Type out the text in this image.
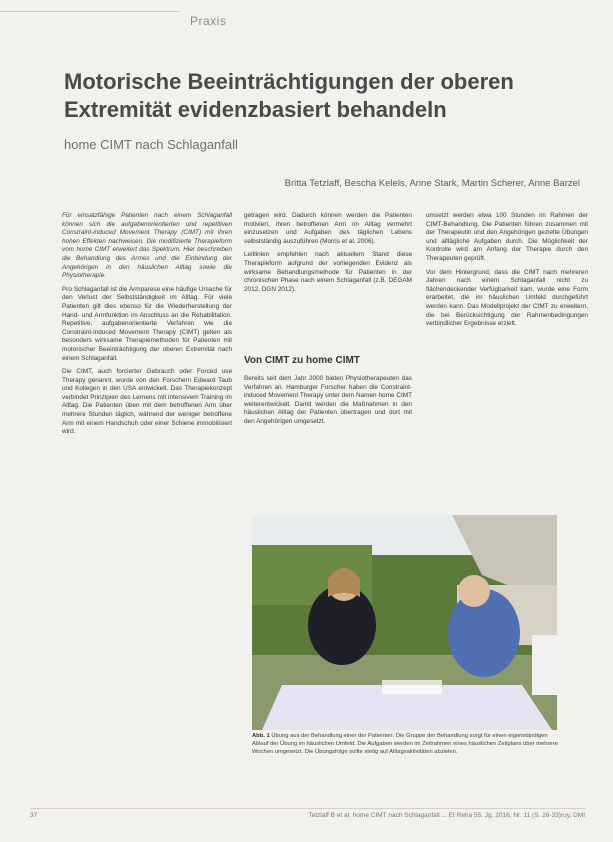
Praxis
Motorische Beeinträchtigungen der oberen
Extremität evidenzbasiert behandeln
home CIMT nach Schlaganfall
Britta Tetzlaff, Bescha Kelels, Anne Stark, Martin Scherer, Anne Barzel

Für einsatzfähige Patienten nach einem Schlaganfall können sich die aufgabenorientierten und repetitiven Constraint-induced Movement Therapy (CIMT) mit ihren hohen Effekten nachweisen. Die modifizierte Therapieform vom home CIMT erweitert das Spektrum. Hier beschreiben die Behandlung des Armes und die Einbindung der Angehörigen in den häuslichen Alltag sowie die Physiotherapie.

Pro Schlaganfall ist die Armparese eine häufige Ursache für den Verlust der Selbstständigkeit im Alltag. Für viele Patienten gilt dies ebenso für die Wiederherstellung der Hand- und Armfunktion im Anschluss an die Rehabilitation. Repetitive, aufgabenorientierte Verfahren wie die Constraint-induced Movement Therapy (CIMT) gelten als besonders wirksame Therapiemethoden für Patienten mit motorischer Beeinträchtigung der oberen Extremität nach einem Schlaganfall.

Die CIMT, auch forcierter Gebrauch oder Forced use Therapy genannt, wurde von den Forschern Edward Taub und Kollegen in den USA entwickelt. Das Therapiekonzept verbindet Prinzipien des Lernens mit intensivem Training im Alltag. Die Patienten üben mit dem betroffenen Arm über mehrere Stunden täglich, während der weniger betroffene Arm mit einem Handschuh oder einer Schiene immobilisiert wird.

getragen wird. Dadurch können werden die Patienten motiviert, ihren betroffenen Arm im Alltag vermehrt einzusetzen und Aufgaben des täglichen Lebens selbstständig auszuführen (Morris et al. 2006).

Leitlinien empfehlen nach aktuellem Stand diese Therapieform aufgrund der vorliegenden Evidenz als wirksame Behandlungsmethode für Patienten in der chronischen Phase nach einem Schlaganfall (z.B. DEGAM 2012, DGN 2012).

Von CIMT zu home CIMT

Bereits seit dem Jahr 2000 bieten Physiotherapeuten das Verfahren an. Hamburger Forscher haben die Constraint-induced Movement Therapy unter dem Namen home CIMT weiterentwickelt. Damit werden die Maßnahmen in den häuslichen Alltag der Patienten übertragen und dort mit den Angehörigen umgesetzt.

umsetzt werden etwa 100 Stunden im Rahmen der CIMT-Behandlung. Die Patienten führen zusammen mit der Therapeutin und den Angehörigen gezielte Übungen und alltägliche Aufgaben durch. Die Möglichkeit der Kontrolle wird am Anfang der Therapie durch den Therapeuten geprüft.

Vor dem Hintergrund, dass die CIMT nach mehreren Jahren nach einem Schlaganfall nicht zu flächendeckender Verfügbarkeit kam, wurde eine Form erarbeitet, die im häuslichen Umfeld durchgeführt werden kann. Das Modellprojekt der CIMT zu erweitern, die bei Berücksichtigung der Rahmenbedingungen verbindlicher Ergebnisse erzielt.

Abb. 1 Übung aus der Behandlung einer der Patienten: Die Gruppe der Behandlung sorgt für einen eigenständigen Ablauf der Übung im häuslichen Umfeld. Die Aufgaben werden im Zeitrahmen eines häuslichen Zeitplans über mehrere Wochen umgesetzt. Die Übungsfolge sollte stetig auf Alltagsaktivitäten abzielen.
37	Tetzlaff B et al. home CIMT nach Schlaganfall ... Et Reha 55. Jg. 2016, Nr. 11 (S. 26-33)ruy, DMI
